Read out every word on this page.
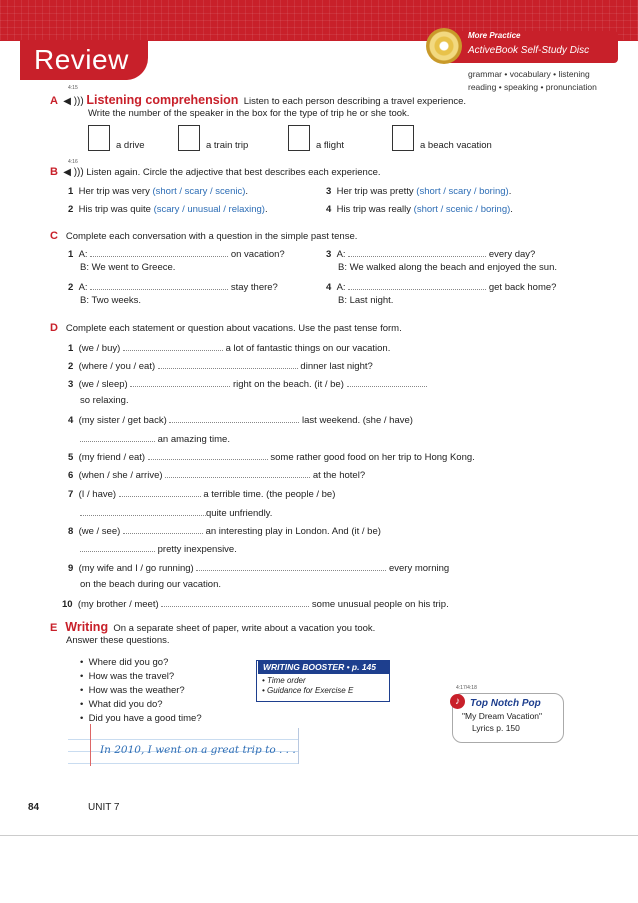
Review
More Practice
ActiveBook Self-Study Disc
grammar • vocabulary • listening
reading • speaking • pronunciation
4:15
A ◀ ))) Listening comprehension Listen to each person describing a travel experience.
Write the number of the speaker in the box for the type of trip he or she took.
a drive	a train trip	a flight	a beach vacation
4:16
B ◀ ))) Listen again. Circle the adjective that best describes each experience.
1 Her trip was very (short / scary / scenic).
2 His trip was quite (scary / unusual / relaxing).
3 Her trip was pretty (short / scary / boring).
4 His trip was really (short / scenic / boring).
C Complete each conversation with a question in the simple past tense.
1 A:	on vacation?
B: We went to Greece.
2 A:	stay there?
B: Two weeks.
3 A:	every day?
B: We walked along the beach and enjoyed the sun.
4 A:	get back home?
B: Last night.
D Complete each statement or question about vacations. Use the past tense form.
1 (we / buy)	a lot of fantastic things on our vacation.
2 (where / you / eat)	dinner last night?
3 (we / sleep)	right on the beach. (it / be)
so relaxing.
4 (my sister / get back)	last weekend. (she / have)
an amazing time.
5 (my friend / eat)	some rather good food on her trip to Hong Kong.
6 (when / she / arrive)	at the hotel?
7 (I / have)	a terrible time. (the people / be)
quite unfriendly.
8 (we / see)	an interesting play in London. And (it / be)
pretty inexpensive.
9 (my wife and I / go running)	every morning
on the beach during our vacation.
10 (my brother / meet)	some unusual people on his trip.
E Writing On a separate sheet of paper, write about a vacation you took.
Answer these questions.
•  Where did you go?
•  How was the travel?
•  How was the weather?
•  What did you do?
•  Did you have a good time?
WRITING BOOSTER • p. 145
• Time order
• Guidance for Exercise E
In 2010, I went on a great trip to . . .
4:17/4:18
♪	Top Notch Pop
"My Dream Vacation"
Lyrics p. 150
84	UNIT 7
